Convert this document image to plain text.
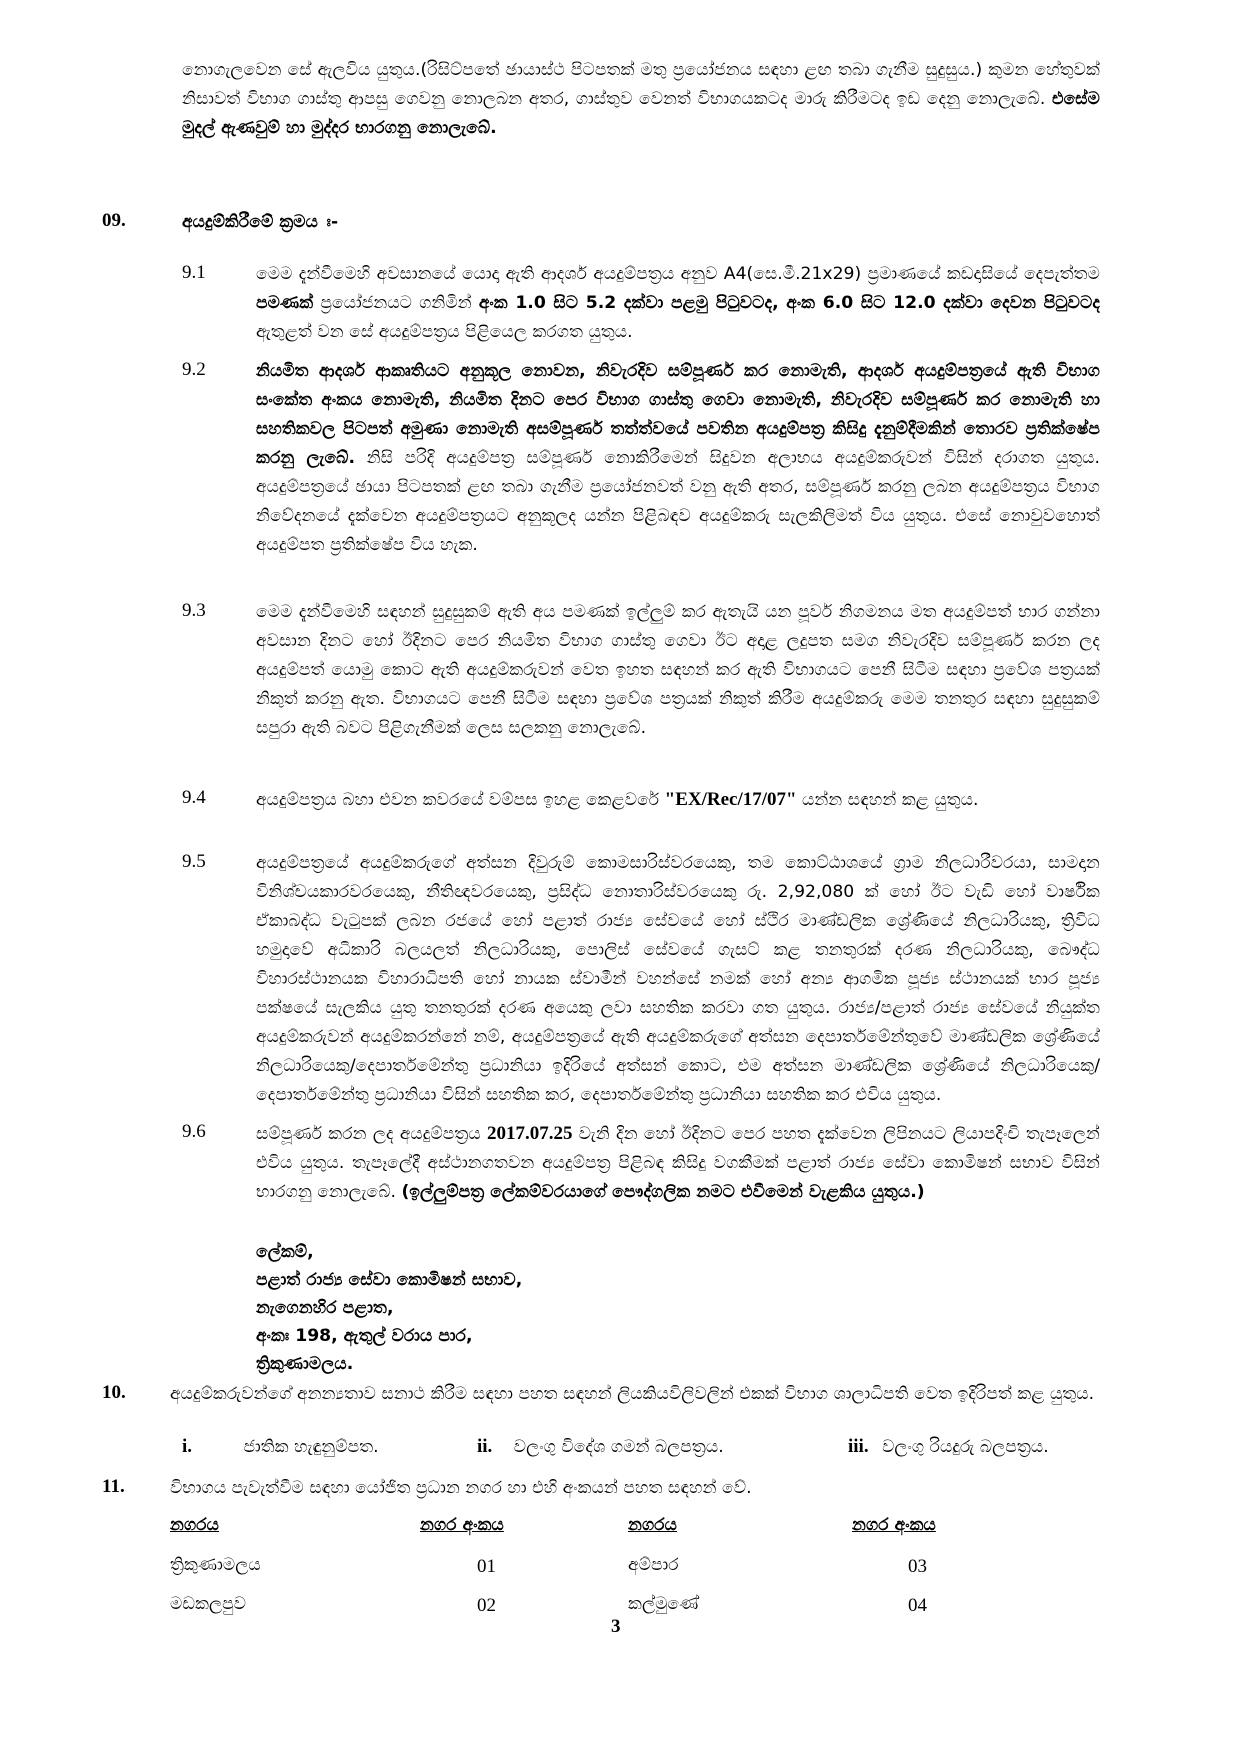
නොගැලවෙන සේ ඇලවිය යුතුය.(රිසිට්පතේ ඡායාස්ථ පිටපතක් මතු ප්‍රයෝජනය සඳහා ළඟ තබා ගැනීම සුදුසුය.) කුමන හේතුවක් නිසාවත් විභාග ගාස්තු ආපසු ගෙවනු නොලබන අතර, ගාස්තුව වෙනත් විභාගයකටද මාරු කිරීමටද ඉඩ දෙනු නොලැබේ. එසේම මුදල් ඇණවුම් හා මුද්දර භාරගනු නොලැබේ.
09.	අයදුම්කිරීමේ ක්‍රමය ඃ-
9.1	මෙම දැන්වීමෙහි අවසානයේ යොදා ඇති ආදර්ශ අයදුම්පත්‍රය අනුව A4(සෙ.මී.21x29) ප්‍රමාණයේ කඩදාසියේ දෙපැත්තම පමණක් ප්‍රයෝජනයට ගනිමින් අංක 1.0 සිට 5.2 දක්වා පළමු පිටුවටද, අංක 6.0 සිට 12.0 දක්වා දෙවන පිටුවටද ඇතුළත් වන සේ අයදුම්පත්‍රය පිළියෙල කරගත යුතුය.
9.2	නියමිත ආදර්ශ ආකෘතියට අනුකූල නොවන, නිවැරදිව සම්පූර්ණ කර නොමැති, ආදර්ශ අයදුම්පත්‍රයේ ඇති විභාග සංකේත අංකය නොමැති, නියමිත දිනට පෙර විභාග ගාස්තු ගෙවා නොමැති, නිවැරදිව සම්පූර්ණ කර නොමැති හා සහතිකවල පිටපත් අමුණා නොමැති අසම්පූර්ණ තත්ත්වයේ පවතින අයදුම්පත්‍ර කිසිදු දැනුම්දීමකින් තොරව ප්‍රතික්ෂේප කරනු ලැබේ. නිසි පරිදි අයදුම්පත්‍ර සම්පූර්ණ නොකිරීමෙන් සිදුවන අලාභය අයදුම්කරුවන් විසින් දරාගත යුතුය. අයදුම්පත්‍රයේ ඡායා පිටපතක් ළඟ තබා ගැනීම ප්‍රයෝජනවත් වනු ඇති අතර, සම්පූර්ණ කරනු ලබන අයදුම්පත්‍රය විභාග නිවේදනයේ දැක්වෙන අයදුම්පත්‍රයට අනුකූලද යන්න පිළිබඳව අයදුම්කරු සැලකිලිමත් විය යුතුය. එසේ නොවුවහොත් අයදුම්පත ප්‍රතික්ෂේප විය හැක.
9.3	මෙම දැන්වීමෙහි සඳහන් සුදුසුකම් ඇති අය පමණක් ඉල්ලුම් කර ඇතැයි යන පූර්ව නිගමනය මත අයදුම්පත් භාර ගන්නා අවසාන දිනට හෝ ඊදිනට පෙර නියමිත විභාග ගාස්තු ගෙවා ඊට අදාළ ලදුපත සමග නිවැරදිව සම්පූර්ණ කරන ලද අයදුම්පත් යොමු කොට ඇති අයදුම්කරුවන් වෙත ඉහත සඳහන් කර ඇති විභාගයට පෙනී සිටීම සඳහා ප්‍රවේශ පත්‍රයක් නිකුත් කරනු ඇත. විභාගයට පෙනී සිටීම සඳහා ප්‍රවේශ පත්‍රයක් නිකුත් කිරීම අයදුම්කරු මෙම තනතුර සඳහා සුදුසුකම් සපුරා ඇති බවට පිළිගැනීමක් ලෙස සලකනු නොලැබේ.
9.4	අයදුම්පත්‍රය බහා එවන කවරයේ වම්පස ඉහළ කෙළවරේ "EX/Rec/17/07" යන්න සඳහන් කළ යුතුය.
9.5	අයදුම්පත්‍රයේ අයදුම්කරුගේ අත්සන දිවුරුම් කොමසාරිස්වරයෙකු, තම කොට්ඨාශයේ ග්‍රාම නිලධාරීවරයා, සාමදාන විනිශ්චයකාරවරයෙකු, නීතිඥවරයෙකු, ප්‍රසිද්ධ නොතාරිස්වරයෙකු රු. 2,92,080 ක් හෝ ඊට වැඩි හෝ වාර්ෂික ඒකාබද්ධ වැටුපක් ලබන රජයේ හෝ පළාත් රාජ්‍ය සේවයේ හෝ ස්ථිර මාණ්ඩලික ශ්‍රේණියේ නිලධාරියකු, ත්‍රිවිධ හමුදාවේ අධිකාරි බලයලත් නිලධාරියකු, පොලිස් සේවයේ ගැසට් කළ තනතුරක් දරණ නිලධාරියකු, බෞද්ධ විහාරස්ථානයක විහාරාධිපති හෝ නායක ස්වාමීන් වහන්සේ නමක් හෝ අන්‍ය ආගමික පූජ්‍ය ස්ථානයක් භාර පූජ්‍ය පක්ෂයේ සැලකිය යුතු තනතුරක් දරණ අයෙකු ලවා සහතික කරවා ගත යුතුය. රාජ්‍ය/පළාත් රාජ්‍ය සේවයේ නියුක්ත අයදුම්කරුවන් අයදුම්කරන්නේ නම්, අයදුම්පත්‍රයේ ඇති අයදුම්කරුගේ අත්සන දෙපාර්තමේන්තුවේ මාණ්ඩලික ශ්‍රේණියේ නිලධාරියෙකු/දෙපාර්තමේන්තු ප්‍රධානියා ඉදිරියේ අත්සන් කොට, එම අත්සන මාණ්ඩලික ශ්‍රේණියේ නිලධාරියෙකු/දෙපාර්තමේන්තු ප්‍රධානියා විසින් සහතික කර, දෙපාර්තමේන්තු ප්‍රධානියා සහතික කර එවිය යුතුය.
9.6	සම්පූර්ණ කරන ලද අයදුම්පත්‍රය 2017.07.25 වැනි දින හෝ ඊදිනට පෙර පහත දැක්වෙන ලිපිනයට ලියාපදිංචි තැපෑලෙන් එවිය යුතුය. තැපෑලේදී අස්ථානගතවන අයදුම්පත්‍ර පිළිබඳ කිසිදු වගකීමක් පළාත් රාජ්‍ය සේවා කොමිෂන් සභාව විසින් භාරගනු නොලැබේ. (ඉල්ලුම්පත්‍ර ලේකම්වරයාගේ පෞද්ගලික නමට එවීමෙන් වැළකිය යුතුය.)
ලේකම්,
පළාත් රාජ්‍ය සේවා කොමිෂන් සභාව,
නැගෙනහිර පළාත,
අංකඃ 198, ඇතුල් වරාය පාර,
ත්‍රිකුණාමලය.
10.	අයදුම්කරුවන්ගේ අනන්‍යතාව සනාථ කිරීම සඳහා පහත සඳහන් ලියකියවිලිවලින් එකක් විභාග ශාලාධිපති වෙත ඉදිරිපත් කළ යුතුය.
i.	ජාතික හැඳුනුම්පත.	ii. වලංගු විදේශ ගමන් බලපත්‍රය.	iii. වලංගු රියදුරු බලපත්‍රය.
11.	විභාගය පැවැත්වීම සඳහා යෝජිත ප්‍රධාන නගර හා එහි අංකයන් පහත සඳහන් වේ.
නගරය	නගර අංකය	නගරය	නගර අංකය
ත්‍රිකුණාමලය	01	අම්පාර	03
මඩකලපුව	02	කල්මුණේ	04
3
